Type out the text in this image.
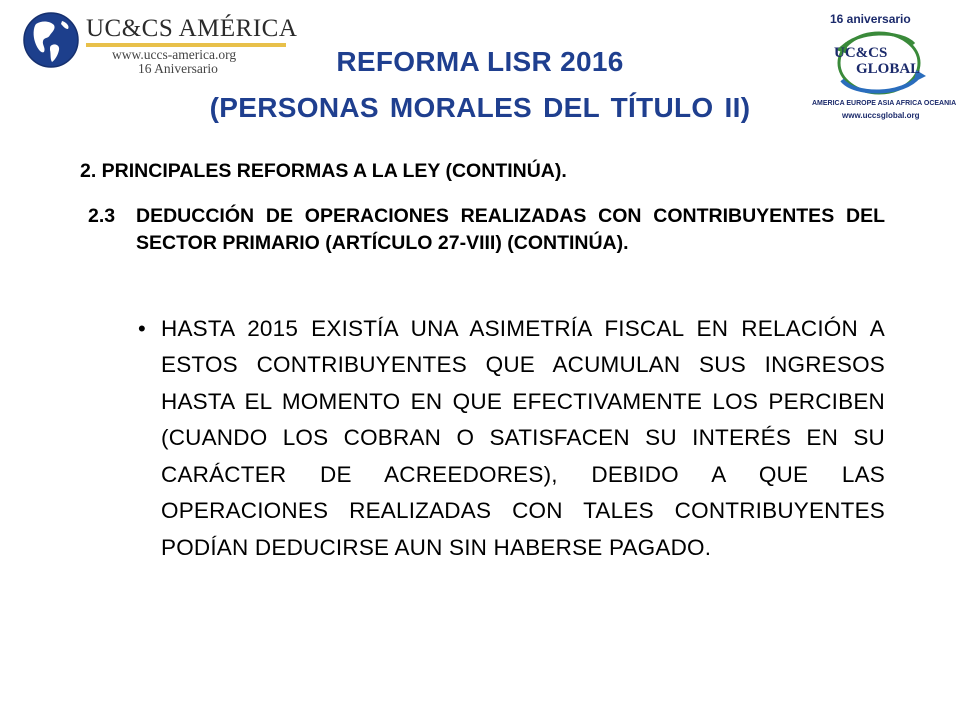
UC&CS AMÉRICA
www.uccs-america.org
16 Aniversario
16 aniversario
UC&CS
GLOBAL
AMERICA EUROPE ASIA AFRICA OCEANIA
www.uccsglobal.org
REFORMA LISR 2016
(PERSONAS MORALES DEL TÍTULO II)

2. PRINCIPALES REFORMAS A LA LEY (CONTINÚA).

2.3 DEDUCCIÓN DE OPERACIONES REALIZADAS CON CONTRIBUYENTES DEL SECTOR PRIMARIO (ARTÍCULO 27-VIII) (CONTINÚA).

• HASTA 2015 EXISTÍA UNA ASIMETRÍA FISCAL EN RELACIÓN A ESTOS CONTRIBUYENTES QUE ACUMULAN SUS INGRESOS HASTA EL MOMENTO EN QUE EFECTIVAMENTE LOS PERCIBEN (CUANDO LOS COBRAN O SATISFACEN SU INTERÉS EN SU CARÁCTER DE ACREEDORES), DEBIDO A QUE LAS OPERACIONES REALIZADAS CON TALES CONTRIBUYENTES PODÍAN DEDUCIRSE AUN SIN HABERSE PAGADO.
